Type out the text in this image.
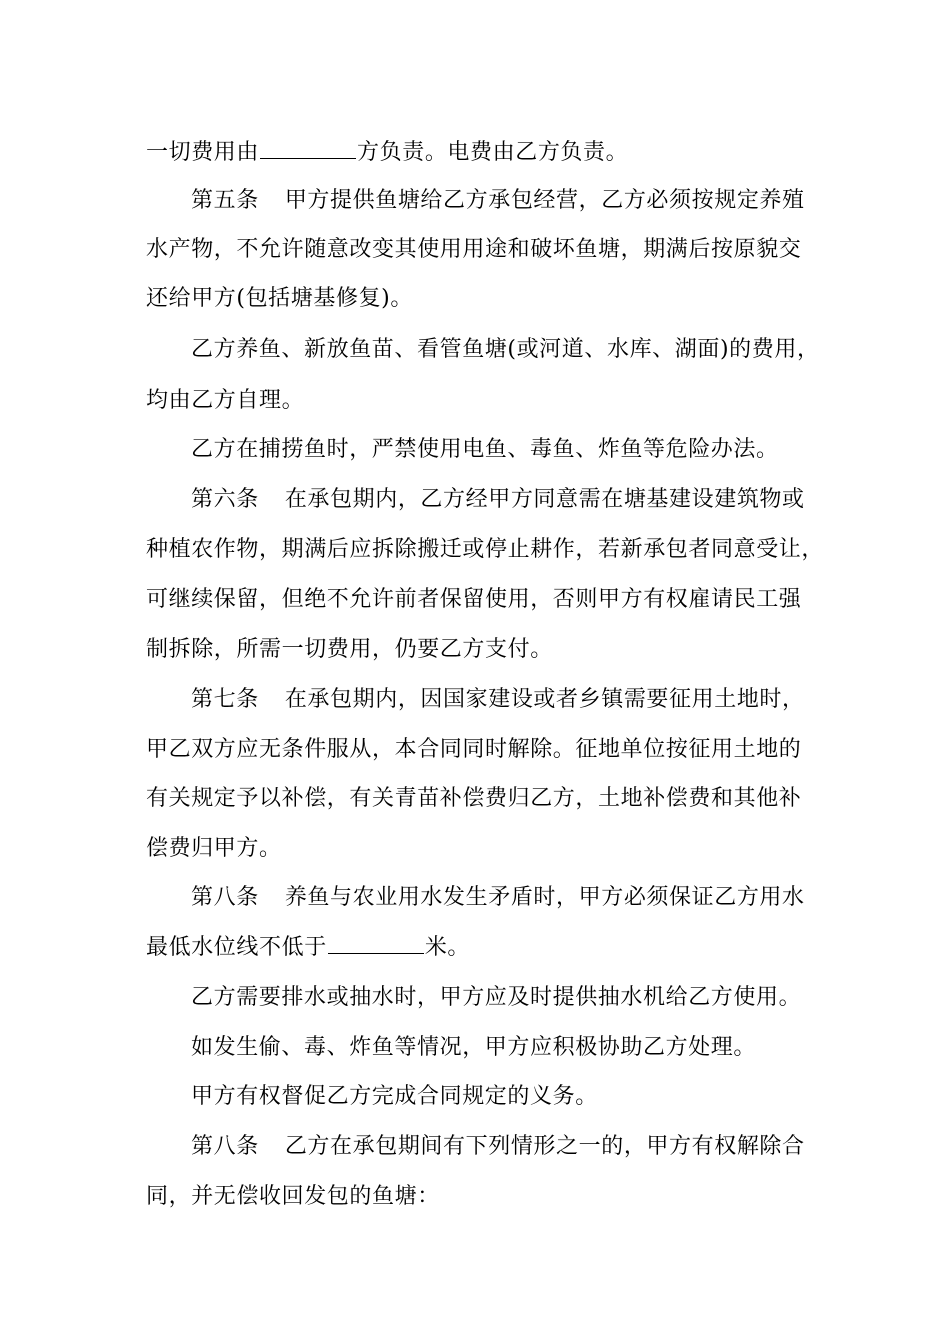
一切费用由	方负责。电费由乙方负责。
第五条 甲方提供鱼塘给乙方承包经营，乙方必须按规定养殖
水产物，不允许随意改变其使用用途和破坏鱼塘，期满后按原貌交
还给甲方(包括塘基修复)。
乙方养鱼、新放鱼苗、看管鱼塘(或河道、水库、湖面)的费用，
均由乙方自理。
乙方在捕捞鱼时，严禁使用电鱼、毒鱼、炸鱼等危险办法。
第六条 在承包期内，乙方经甲方同意需在塘基建设建筑物或
种植农作物，期满后应拆除搬迁或停止耕作，若新承包者同意受让，
可继续保留，但绝不允许前者保留使用，否则甲方有权雇请民工强
制拆除，所需一切费用，仍要乙方支付。
第七条 在承包期内，因国家建设或者乡镇需要征用土地时，
甲乙双方应无条件服从，本合同同时解除。征地单位按征用土地的
有关规定予以补偿，有关青苗补偿费归乙方，土地补偿费和其他补
偿费归甲方。
第八条 养鱼与农业用水发生矛盾时，甲方必须保证乙方用水
最低水位线不低于	米。
乙方需要排水或抽水时，甲方应及时提供抽水机给乙方使用。
如发生偷、毒、炸鱼等情况，甲方应积极协助乙方处理。
甲方有权督促乙方完成合同规定的义务。
第八条 乙方在承包期间有下列情形之一的，甲方有权解除合
同，并无偿收回发包的鱼塘：
